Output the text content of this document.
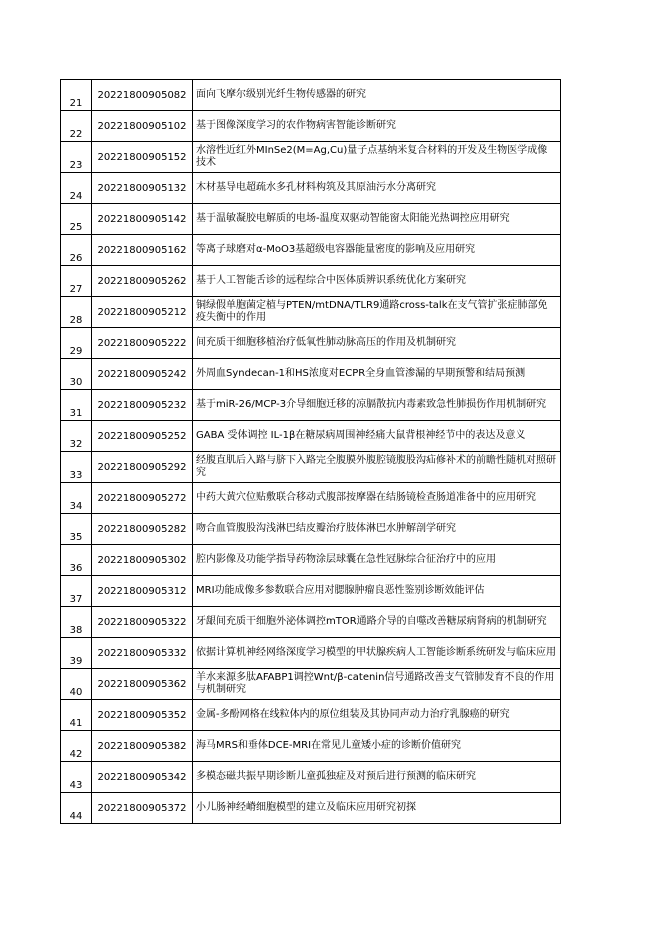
21	20221800905082	面向飞摩尔级别光纤生物传感器的研究
22	20221800905102	基于图像深度学习的农作物病害智能诊断研究
23	20221800905152	水溶性近红外MInSe2(M=Ag,Cu)量子点基纳米复合材料的开发及生物医学成像技术
24	20221800905132	木材基导电超疏水多孔材料构筑及其原油污水分离研究
25	20221800905142	基于温敏凝胶电解质的电场-温度双驱动智能窗太阳能光热调控应用研究
26	20221800905162	等离子球磨对α-MoO3基超级电容器能量密度的影响及应用研究
27	20221800905262	基于人工智能舌诊的远程综合中医体质辨识系统优化方案研究
28	20221800905212	铜绿假单胞菌定植与PTEN/mtDNA/TLR9通路cross-talk在支气管扩张症肺部免疫失衡中的作用
29	20221800905222	间充质干细胞移植治疗低氧性肺动脉高压的作用及机制研究
30	20221800905242	外周血Syndecan-1和HS浓度对ECPR全身血管渗漏的早期预警和结局预测
31	20221800905232	基于miR-26/MCP-3介导细胞迁移的凉膈散抗内毒素致急性肺损伤作用机制研究
32	20221800905252	GABA 受体调控 IL-1β在糖尿病周围神经痛大鼠背根神经节中的表达及意义
33	20221800905292	经腹直肌后入路与脐下入路完全腹膜外腹腔镜腹股沟疝修补术的前瞻性随机对照研究
34	20221800905272	中药大黄穴位贴敷联合移动式腹部按摩器在结肠镜检查肠道准备中的应用研究
35	20221800905282	吻合血管腹股沟浅淋巴结皮瓣治疗肢体淋巴水肿解剖学研究
36	20221800905302	腔内影像及功能学指导药物涂层球囊在急性冠脉综合征治疗中的应用
37	20221800905312	MRI功能成像多参数联合应用对腮腺肿瘤良恶性鉴别诊断效能评估
38	20221800905322	牙龈间充质干细胞外泌体调控mTOR通路介导的自噬改善糖尿病肾病的机制研究
39	20221800905332	依据计算机神经网络深度学习模型的甲状腺疾病人工智能诊断系统研发与临床应用
40	20221800905362	羊水来源多肽AFABP1调控Wnt/β-catenin信号通路改善支气管肺发育不良的作用与机制研究
41	20221800905352	金属-多酚网格在线粒体内的原位组装及其协同声动力治疗乳腺癌的研究
42	20221800905382	海马MRS和垂体DCE-MRI在常见儿童矮小症的诊断价值研究
43	20221800905342	多模态磁共振早期诊断儿童孤独症及对预后进行预测的临床研究
44	20221800905372	小儿肠神经嵴细胞模型的建立及临床应用研究初探
